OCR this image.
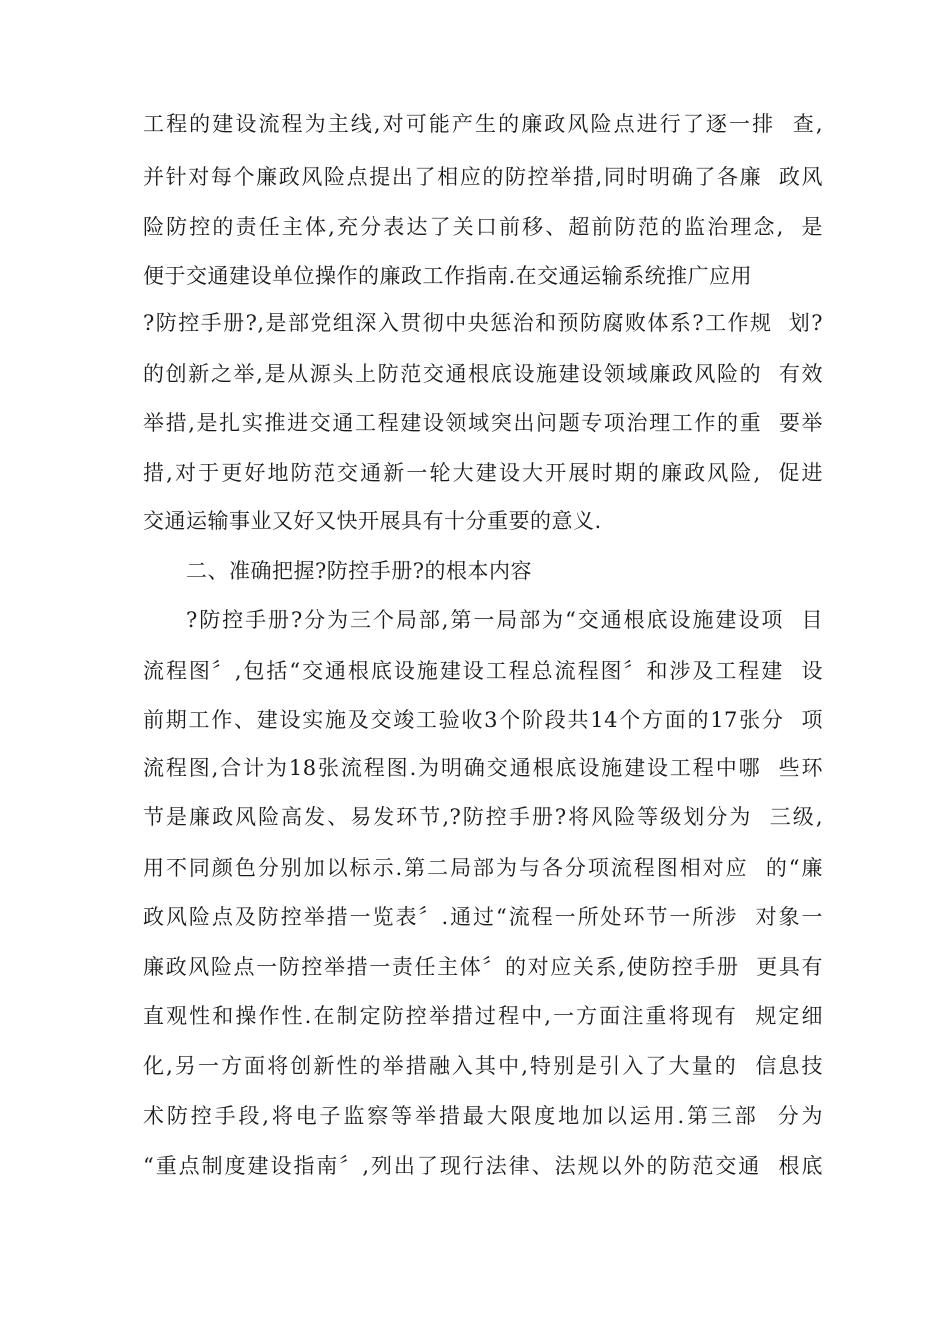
工程的建设流程为主线,对可能产生的廉政风险点进行了逐一排  查,
并针对每个廉政风险点提出了相应的防控举措,同时明确了各廉  政风
险防控的责任主体,充分表达了关口前移、超前防范的监治理念,  是
便于交通建设单位操作的廉政工作指南.在交通运输系统推广应用
?防控手册?,是部党组深入贯彻中央惩治和预防腐败体系?工作规  划?
的创新之举,是从源头上防范交通根底设施建设领域廉政风险的  有效
举措,是扎实推进交通工程建设领域突出问题专项治理工作的重  要举
措,对于更好地防范交通新一轮大建设大开展时期的廉政风险,  促进
交通运输事业又好又快开展具有十分重要的意义.
二、准确把握?防控手册?的根本内容
?防控手册?分为三个局部,第一局部为“交通根底设施建设项  目
流程图〞,包括“交通根底设施建设工程总流程图〞和涉及工程建  设
前期工作、建设实施及交竣工验收3个阶段共14个方面的17张分  项
流程图,合计为18张流程图.为明确交通根底设施建设工程中哪  些环
节是廉政风险高发、易发环节,?防控手册?将风险等级划分为  三级,
用不同颜色分别加以标示.第二局部为与各分项流程图相对应  的“廉
政风险点及防控举措一览表〞.通过“流程一所处环节一所涉  对象一
廉政风险点一防控举措一责任主体〞的对应关系,使防控手册  更具有
直观性和操作性.在制定防控举措过程中,一方面注重将现有  规定细
化,另一方面将创新性的举措融入其中,特别是引入了大量的  信息技
术防控手段,将电子监察等举措最大限度地加以运用.第三部  分为
“重点制度建设指南〞,列出了现行法律、法规以外的防范交通  根底
